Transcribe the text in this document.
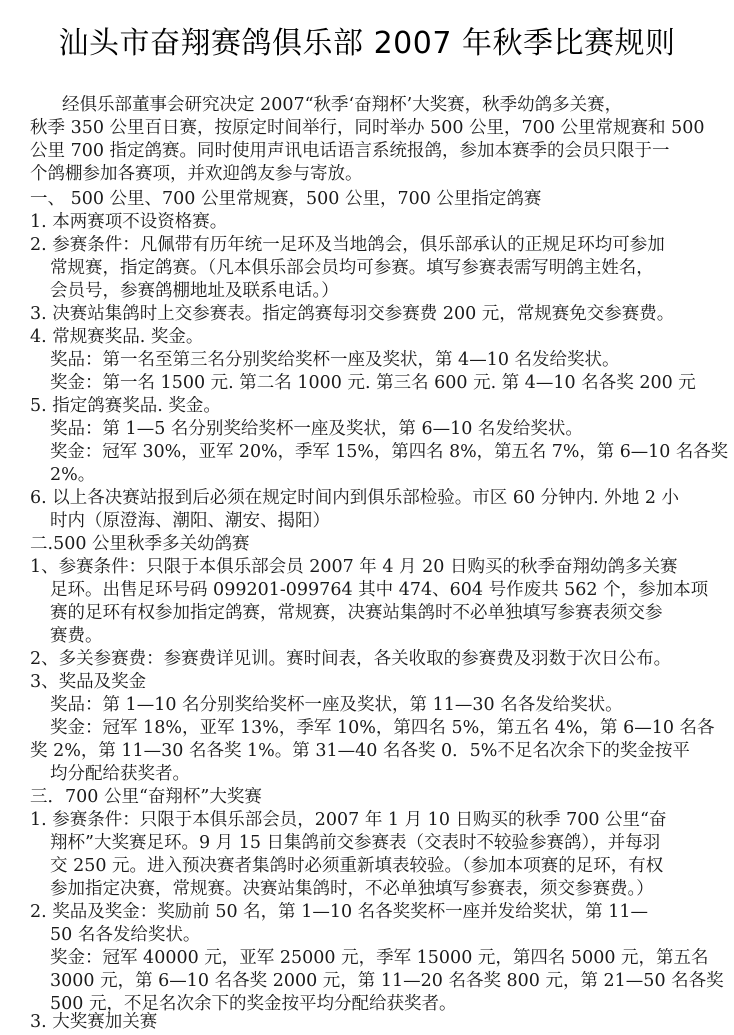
汕头市奋翔赛鸽俱乐部 2007 年秋季比赛规则
经俱乐部董事会研究决定 2007“秋季‘奋翔杯’大奖赛，秋季幼鸽多关赛，
秋季 350 公里百日赛，按原定时间举行，同时举办 500 公里，700 公里常规赛和 500
公里 700 指定鸽赛。同时使用声讯电话语言系统报鸽，参加本赛季的会员只限于一
个鸽棚参加各赛项，并欢迎鸽友参与寄放。
一、 500 公里、700 公里常规赛，500 公里，700 公里指定鸽赛
1. 本两赛项不设资格赛。
2. 参赛条件：凡佩带有历年统一足环及当地鸽会，俱乐部承认的正规足环均可参加
常规赛，指定鸽赛。（凡本俱乐部会员均可参赛。填写参赛表需写明鸽主姓名，
会员号，参赛鸽棚地址及联系电话。）
3. 决赛站集鸽时上交参赛表。指定鸽赛每羽交参赛费 200 元，常规赛免交参赛费。
4. 常规赛奖品. 奖金。
奖品：第一名至第三名分别奖给奖杯一座及奖状，第 4—10 名发给奖状。
奖金：第一名 1500 元. 第二名 1000 元. 第三名 600 元. 第 4—10 名各奖 200 元
5. 指定鸽赛奖品. 奖金。
奖品：第 1—5 名分别奖给奖杯一座及奖状，第 6—10 名发给奖状。
奖金：冠军 30%，亚军 20%，季军 15%，第四名 8%，第五名 7%，第 6—10 名各奖
2%。
6. 以上各决赛站报到后必须在规定时间内到俱乐部检验。市区 60 分钟内. 外地 2 小
时内（原澄海、潮阳、潮安、揭阳）
二.500 公里秋季多关幼鸽赛
1、参赛条件：只限于本俱乐部会员 2007 年 4 月 20 日购买的秋季奋翔幼鸽多关赛
足环。出售足环号码 099201-099764 其中 474、604 号作废共 562 个，参加本项
赛的足环有权参加指定鸽赛，常规赛，决赛站集鸽时不必单独填写参赛表须交参
赛费。
2、多关参赛费：参赛费详见训。赛时间表，各关收取的参赛费及羽数于次日公布。
3、奖品及奖金
奖品：第 1—10 名分别奖给奖杯一座及奖状，第 11—30 名各发给奖状。
奖金：冠军 18%，亚军 13%，季军 10%，第四名 5%，第五名 4%，第 6—10 名各
奖 2%，第 11—30 名各奖 1%。第 31—40 名各奖 0．5%不足名次余下的奖金按平
均分配给获奖者。
三．700 公里“奋翔杯”大奖赛
1. 参赛条件：只限于本俱乐部会员，2007 年 1 月 10 日购买的秋季 700 公里“奋
翔杯”大奖赛足环。9 月 15 日集鸽前交参赛表（交表时不较验参赛鸽），并每羽
交 250 元。进入预决赛者集鸽时必须重新填表较验。（参加本项赛的足环，有权
参加指定决赛，常规赛。决赛站集鸽时，不必单独填写参赛表，须交参赛费。）
2. 奖品及奖金：奖励前 50 名，第 1—10 名各奖奖杯一座并发给奖状，第 11—
50 名各发给奖状。
奖金：冠军 40000 元，亚军 25000 元，季军 15000 元，第四名 5000 元，第五名
3000 元，第 6—10 名各奖 2000 元，第 11—20 名各奖 800 元，第 21—50 名各奖
500 元，不足名次余下的奖金按平均分配给获奖者。
3. 大奖赛加关赛
